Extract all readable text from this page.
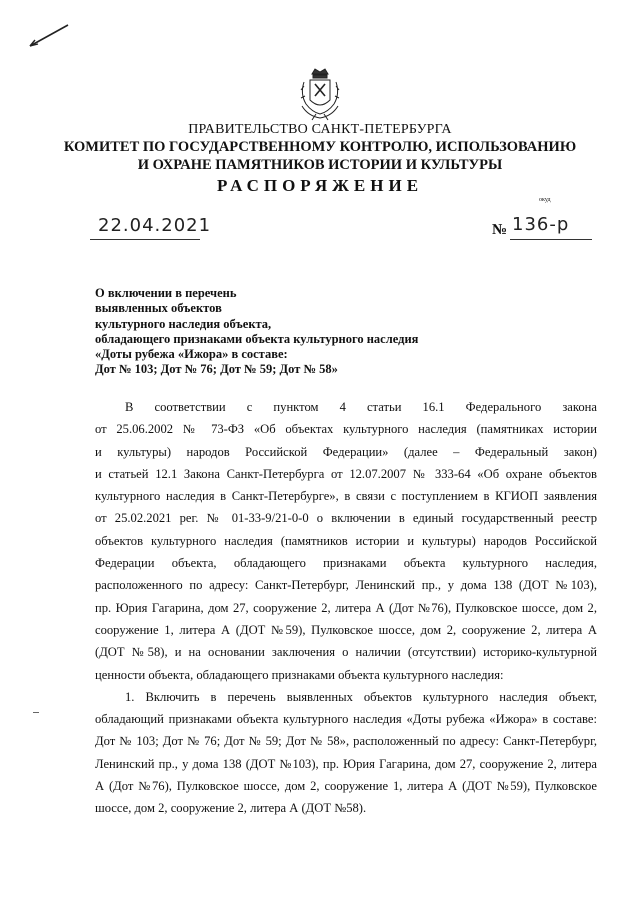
ПРАВИТЕЛЬСТВО САНКТ-ПЕТЕРБУРГА
КОМИТЕТ ПО ГОСУДАРСТВЕННОМУ КОНТРОЛЮ, ИСПОЛЬЗОВАНИЮ
И ОХРАНЕ ПАМЯТНИКОВ ИСТОРИИ И КУЛЬТУРЫ
РАСПОРЯЖЕНИЕ
окуд
22.04.2021	№ 136-р
О включении в перечень
выявленных объектов
культурного наследия объекта,
обладающего признаками объекта культурного наследия
«Доты рубежа «Ижора» в составе:
Дот № 103; Дот № 76; Дот № 59; Дот № 58»
В соответствии с пунктом 4 статьи 16.1 Федерального закона
от 25.06.2002 № 73-ФЗ «Об объектах культурного наследия (памятниках истории
и культуры) народов Российской Федерации» (далее – Федеральный закон)
и статьей 12.1 Закона Санкт-Петербурга от 12.07.2007 № 333-64 «Об охране объектов
культурного наследия в Санкт-Петербурге», в связи с поступлением в КГИОП заявления
от 25.02.2021 рег. № 01-33-9/21-0-0 о включении в единый государственный реестр
объектов культурного наследия (памятников истории и культуры) народов Российской
Федерации объекта, обладающего признаками объекта культурного наследия,
расположенного по адресу: Санкт-Петербург, Ленинский пр., у дома 138 (ДОТ №103),
пр. Юрия Гагарина, дом 27, сооружение 2, литера А (Дот №76), Пулковское шоссе, дом 2,
сооружение 1, литера А (ДОТ №59), Пулковское шоссе, дом 2, сооружение 2, литера А
(ДОТ №58), и на основании заключения о наличии (отсутствии) историко-культурной
ценности объекта, обладающего признаками объекта культурного наследия:
1. Включить в перечень выявленных объектов культурного наследия объект,
обладающий признаками объекта культурного наследия «Доты рубежа «Ижора» в составе:
Дот № 103; Дот № 76; Дот № 59; Дот № 58», расположенный по адресу: Санкт-Петербург,
Ленинский пр., у дома 138 (ДОТ №103), пр. Юрия Гагарина, дом 27, сооружение 2, литера
А (Дот №76), Пулковское шоссе, дом 2, сооружение 1, литера А (ДОТ №59), Пулковское
шоссе, дом 2, сооружение 2, литера А (ДОТ №58).
